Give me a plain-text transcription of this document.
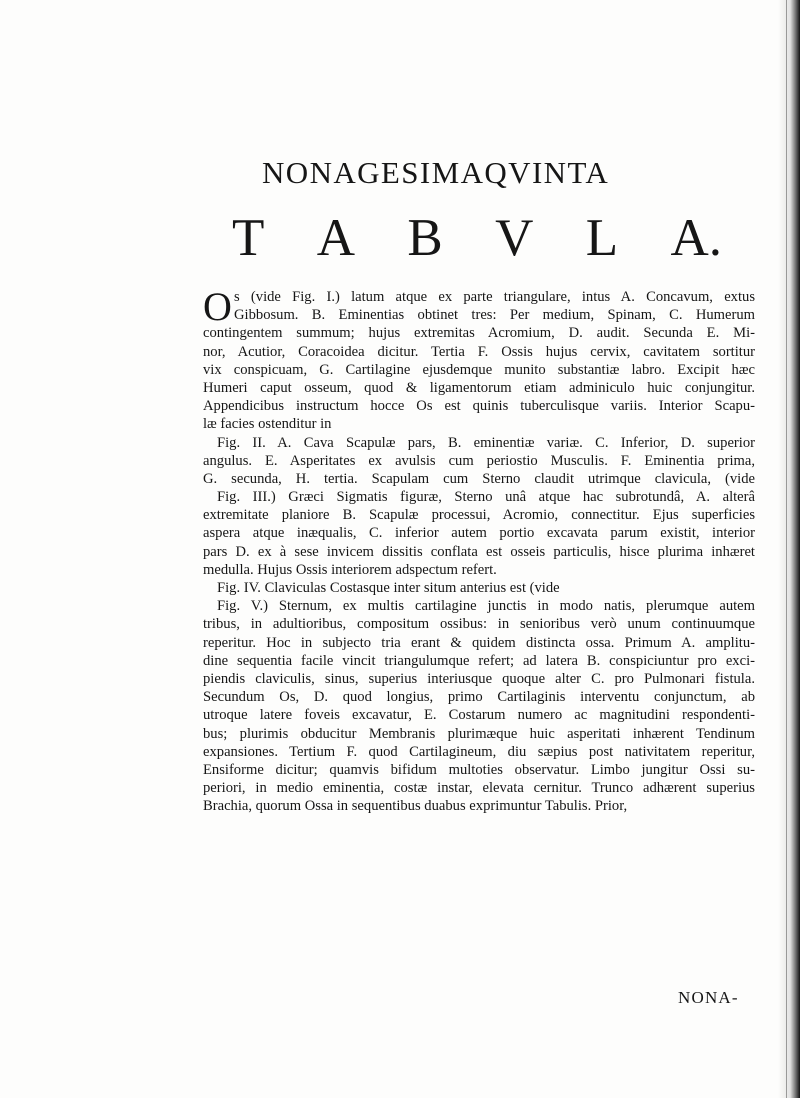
NONAGESIMAQVINTA
T A B V L A.
O s (vide Fig. I.) latum atque ex parte triangulare, intus A. Concavum, extus
Gibbosum. B. Eminentias obtinet tres: Per medium, Spinam, C. Humerum
contingentem summum; hujus extremitas Acromium, D. audit. Secunda E. Mi-
nor, Acutior, Coracoidea dicitur. Tertia F. Ossis hujus cervix, cavitatem sortitur
vix conspicuam, G. Cartilagine ejusdemque munito substantiæ labro. Excipit hæc
Humeri caput osseum, quod & ligamentorum etiam adminiculo huic conjungitur.
Appendicibus instructum hocce Os est quinis tuberculisque variis. Interior Scapu-
læ facies ostenditur in
Fig. II. A. Cava Scapulæ pars, B. eminentiæ variæ. C. Inferior, D. superior
angulus. E. Asperitates ex avulsis cum periostio Musculis. F. Eminentia prima,
G. secunda, H. tertia. Scapulam cum Sterno claudit utrimque clavicula, (vide
Fig. III.) Græci Sigmatis figuræ, Sterno unâ atque hac subrotundâ, A. alterâ
extremitate planiore B. Scapulæ processui, Acromio, connectitur. Ejus superficies
aspera atque inæqualis, C. inferior autem portio excavata parum existit, interior
pars D. ex à sese invicem dissitis conflata est osseis particulis, hisce plurima inhæret
medulla. Hujus Ossis interiorem adspectum refert.
Fig. IV. Claviculas Costasque inter situm anterius est (vide
Fig. V.) Sternum, ex multis cartilagine junctis in modo natis, plerumque autem
tribus, in adultioribus, compositum ossibus: in senioribus verò unum continuumque
reperitur. Hoc in subjecto tria erant & quidem distincta ossa. Primum A. amplitu-
dine sequentia facile vincit triangulumque refert; ad latera B. conspiciuntur pro exci-
piendis claviculis, sinus, superius interiusque quoque alter C. pro Pulmonari fistula.
Secundum Os, D. quod longius, primo Cartilaginis interventu conjunctum, ab
utroque latere foveis excavatur, E. Costarum numero ac magnitudini respondenti-
bus; plurimis obducitur Membranis plurimæque huic asperitati inhærent Tendinum
expansiones. Tertium F. quod Cartilagineum, diu sæpius post nativitatem reperitur,
Ensiforme dicitur; quamvis bifidum multoties observatur. Limbo jungitur Ossi su-
periori, in medio eminentia, costæ instar, elevata cernitur. Trunco adhærent superius
Brachia, quorum Ossa in sequentibus duabus exprimuntur Tabulis. Prior,
NONA-
